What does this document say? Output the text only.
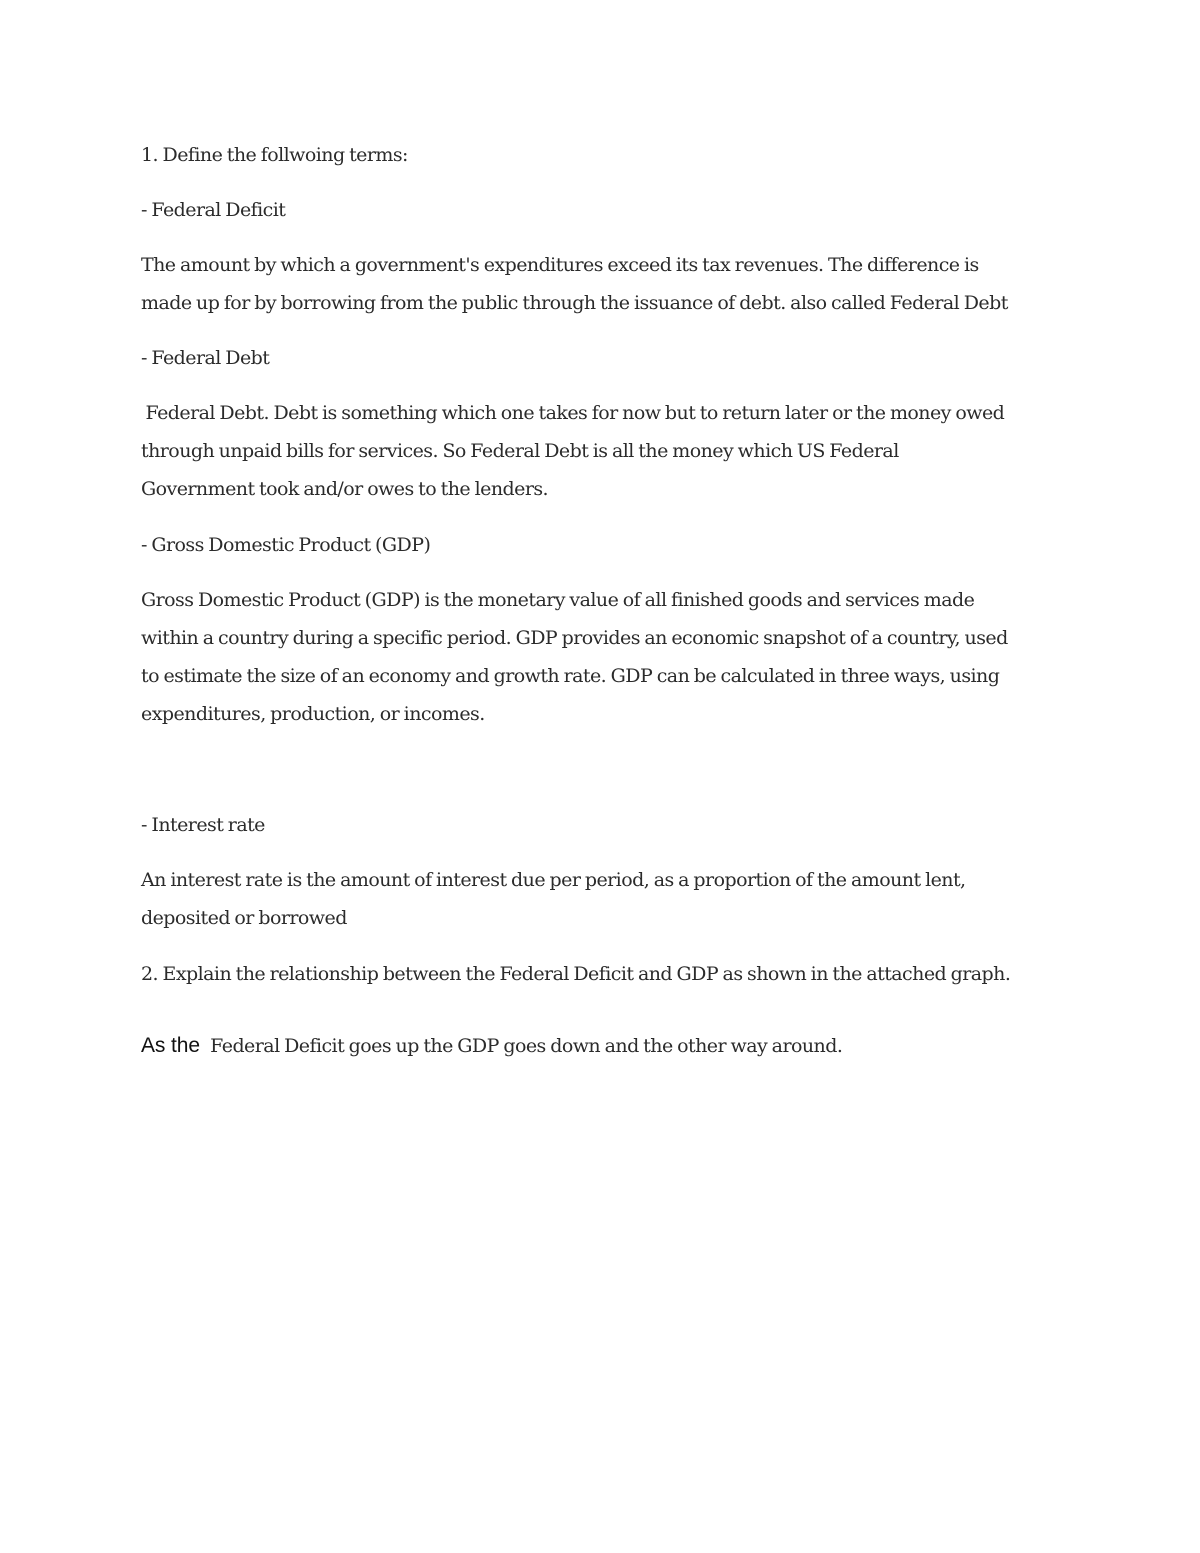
1. Define the follwoing terms:
- Federal Deficit
The amount by which a government's expenditures exceed its tax revenues. The difference is
made up for by borrowing from the public through the issuance of debt. also called Federal Debt
- Federal Debt
Federal Debt. Debt is something which one takes for now but to return later or the money owed
through unpaid bills for services. So Federal Debt is all the money which US Federal
Government took and/or owes to the lenders.
- Gross Domestic Product (GDP)
Gross Domestic Product (GDP) is the monetary value of all finished goods and services made
within a country during a specific period. GDP provides an economic snapshot of a country, used
to estimate the size of an economy and growth rate. GDP can be calculated in three ways, using
expenditures, production, or incomes.
- Interest rate
An interest rate is the amount of interest due per period, as a proportion of the amount lent,
deposited or borrowed
2. Explain the relationship between the Federal Deficit and GDP as shown in the attached graph.
As the  Federal Deficit goes up the GDP goes down and the other way around.
